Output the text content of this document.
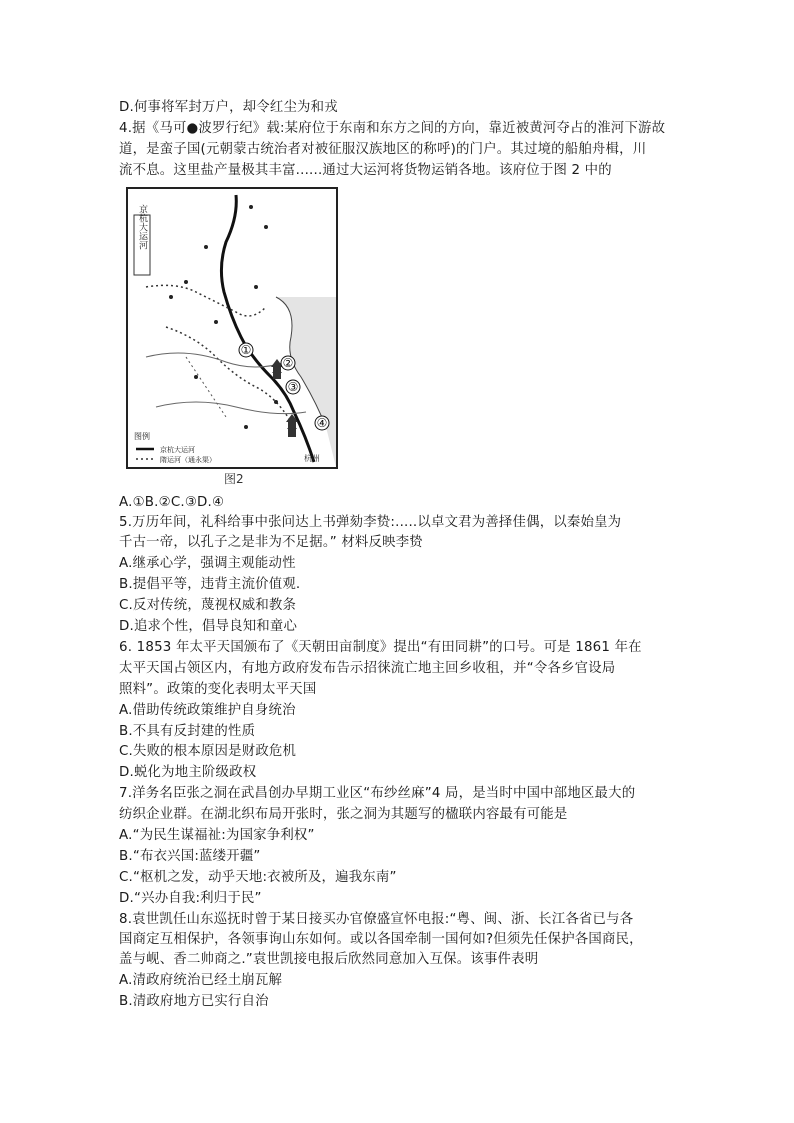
D.何事将军封万户，却令红尘为和戎
4.据《马可●波罗行纪》载:某府位于东南和东方之间的方向，靠近被黄河夺占的淮河下游故
道，是蛮子国(元朝蒙古统治者对被征服汉族地区的称呼)的门户。其过境的船舶舟楫，川
流不息。这里盐产量极其丰富......通过大运河将货物运销各地。该府位于图 2 中的
京杭大运河
①
②
③
④
图例
京杭大运河
隋运河（通永渠）	杭州
图2
A.①B.②C.③D.④
5.万历年间，礼科给事中张问达上书弹劾李贽:.....以卓文君为善择佳偶，以秦始皇为
千古一帝，以孔子之是非为不足据。” 材料反映李贽
A.继承心学，强调主观能动性
B.提倡平等，违背主流价值观.
C.反对传统，蔑视权威和教条
D.追求个性，倡导良知和童心
6. 1853 年太平天国颁布了《天朝田亩制度》提出“有田同耕”的口号。可是 1861 年在
太平天国占领区内，有地方政府发布告示招徕流亡地主回乡收租，并“令各乡官设局
照料”。政策的变化表明太平天国
A.借助传统政策维护自身统治
B.不具有反封建的性质
C.失败的根本原因是财政危机
D.蜕化为地主阶级政权
7.洋务名臣张之洞在武昌创办早期工业区“布纱丝麻”4 局，是当时中国中部地区最大的
纺织企业群。在湖北织布局开张时，张之洞为其题写的楹联内容最有可能是
A.“为民生谋福祉:为国家争利权”
B.“布衣兴国:蓝缕开疆”
C.“枢机之发，动乎天地:衣被所及，遍我东南”
D.“兴办自我:利归于民”
8.袁世凯任山东巡抚时曾于某日接买办官僚盛宣怀电报:“粤、闽、浙、长江各省已与各
国商定互相保护，各领事询山东如何。或以各国牵制一国何如?但须先任保护各国商民，
盖与岘、香二帅商之.”袁世凯接电报后欣然同意加入互保。该事件表明
A.清政府统治已经土崩瓦解
B.清政府地方已实行自治
